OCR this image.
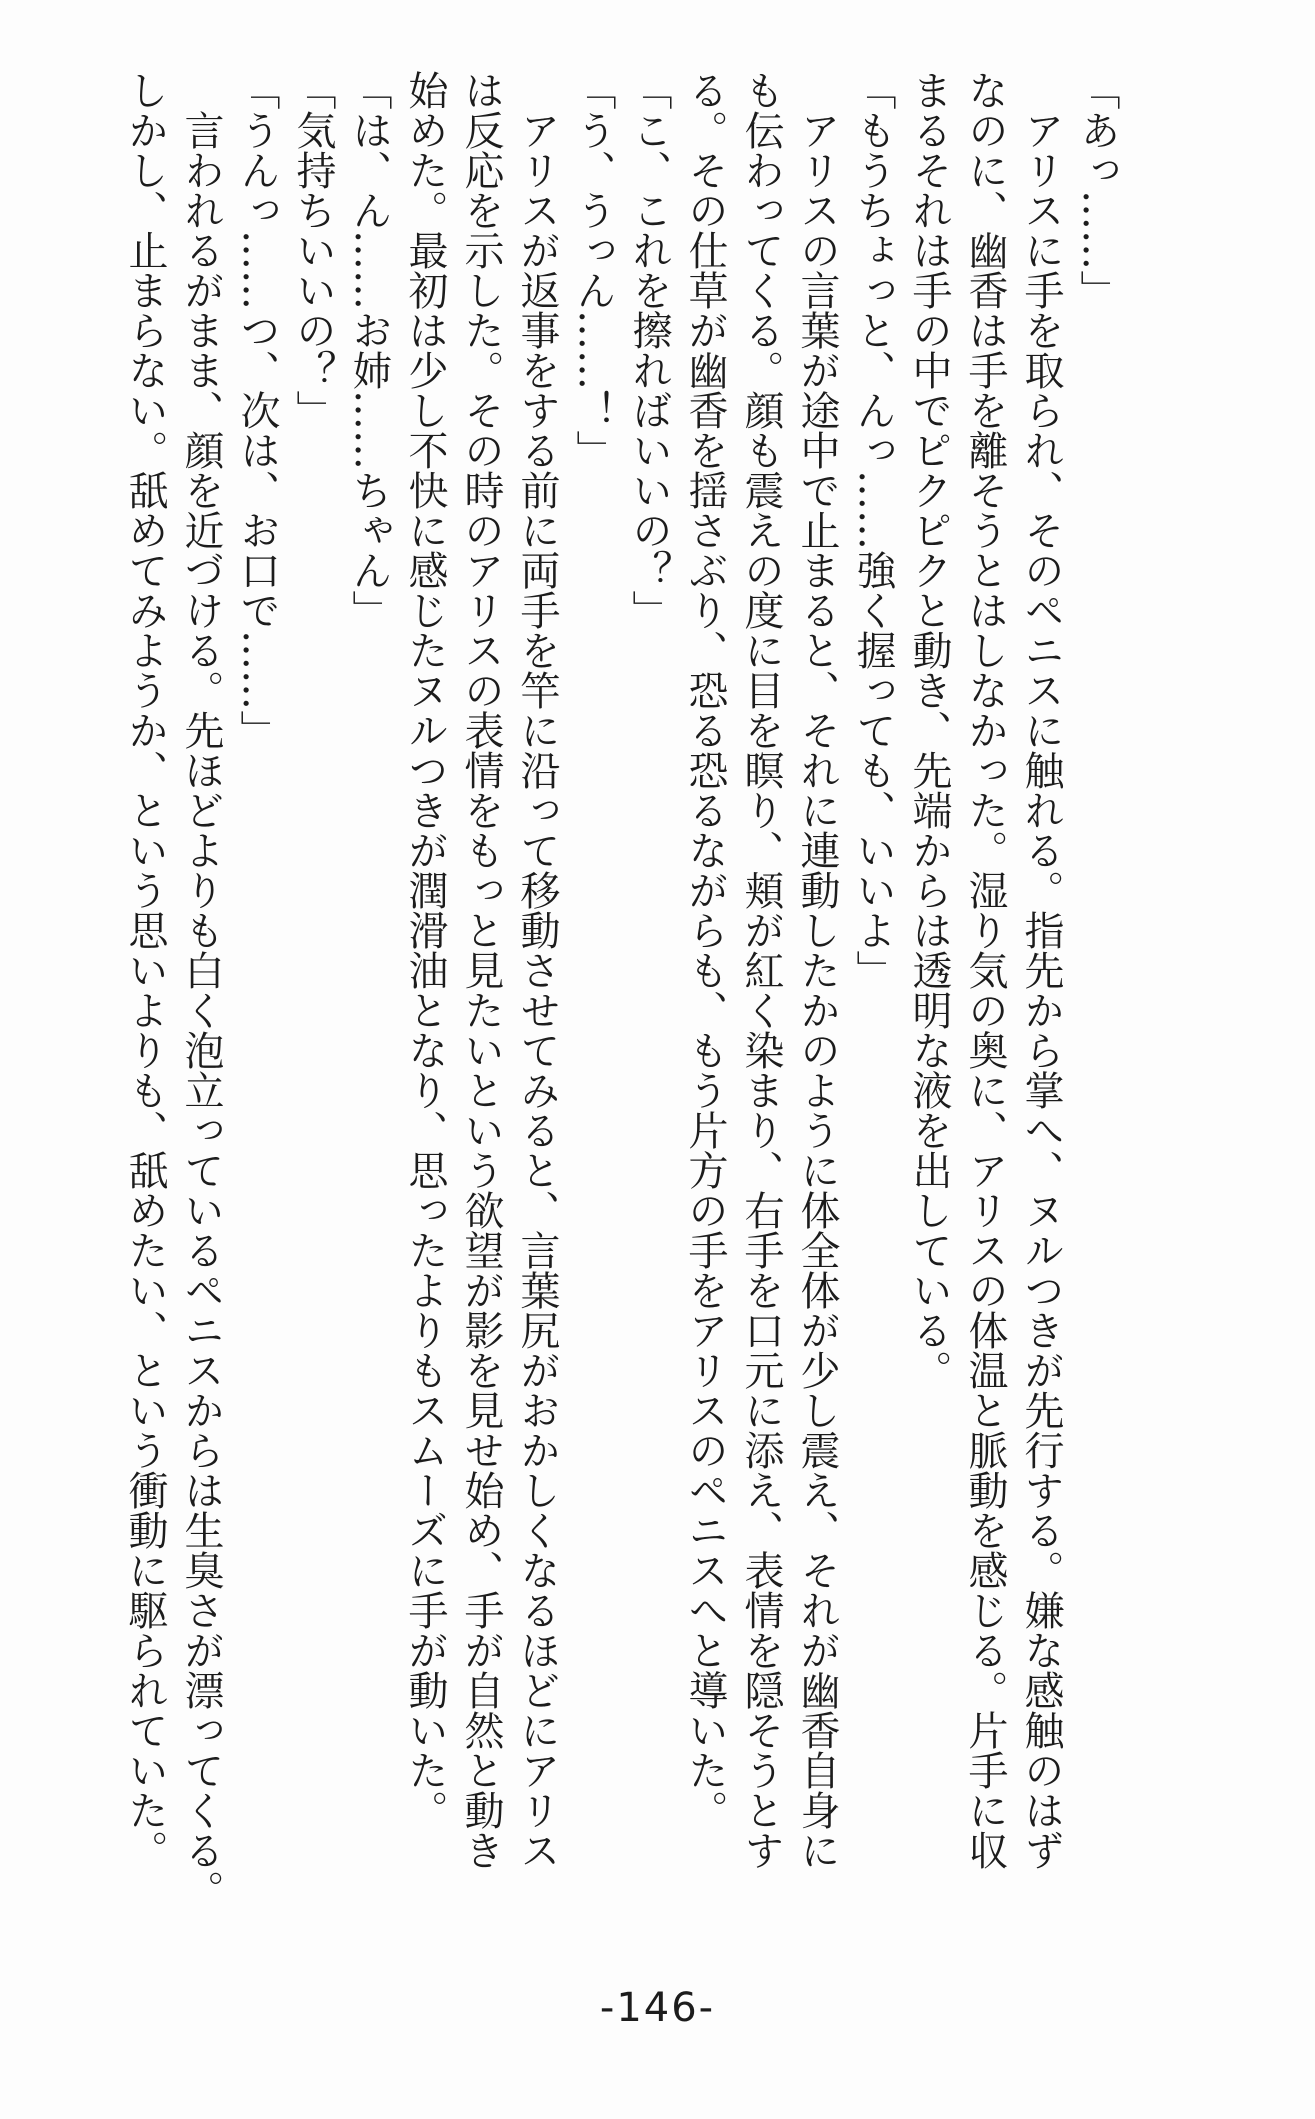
「あっ……」
　アリスに手を取られ、そのペニスに触れる。指先から掌へ、ヌルつきが先行する。嫌な感触のはず
なのに、幽香は手を離そうとはしなかった。湿り気の奥に、アリスの体温と脈動を感じる。片手に収
まるそれは手の中でピクピクと動き、先端からは透明な液を出している。
「もうちょっと、んっ……強く握っても、いいよ」
　アリスの言葉が途中で止まると、それに連動したかのように体全体が少し震え、それが幽香自身に
も伝わってくる。顔も震えの度に目を瞑り、頬が紅く染まり、右手を口元に添え、表情を隠そうとす
る。その仕草が幽香を揺さぶり、恐る恐るながらも、もう片方の手をアリスのペニスへと導いた。
「こ、これを擦ればいいの？」
「う、うっん……！」
　アリスが返事をする前に両手を竿に沿って移動させてみると、言葉尻がおかしくなるほどにアリス
は反応を示した。その時のアリスの表情をもっと見たいという欲望が影を見せ始め、手が自然と動き
始めた。最初は少し不快に感じたヌルつきが潤滑油となり、思ったよりもスムーズに手が動いた。
「は、ん……お姉……ちゃん」
「気持ちいいの？」
「うんっ……つ、次は、お口で……」
　言われるがまま、顔を近づける。先ほどよりも白く泡立っているペニスからは生臭さが漂ってくる。
しかし、止まらない。舐めてみようか、という思いよりも、舐めたい、という衝動に駆られていた。
-146-
